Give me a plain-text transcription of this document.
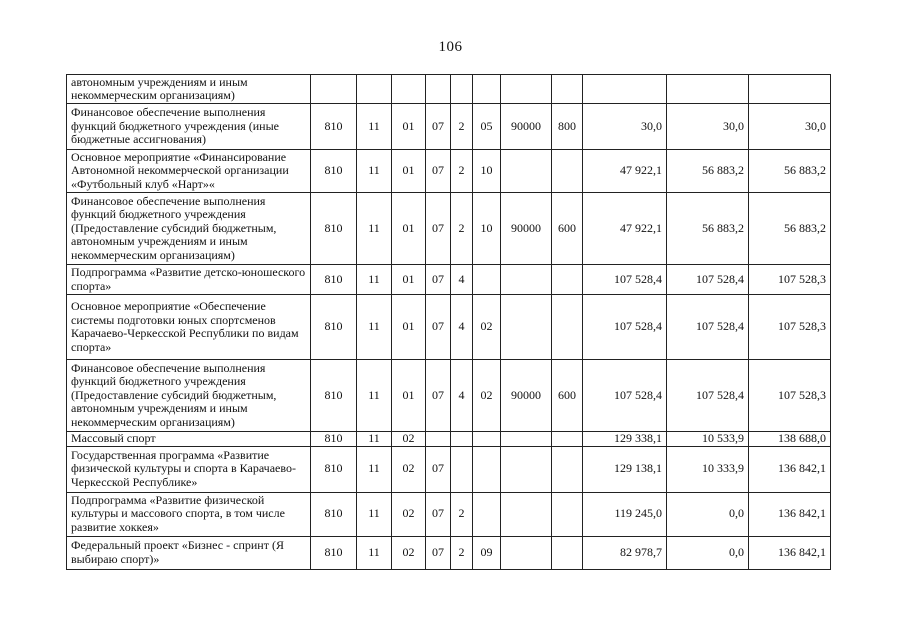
106
автономным учреждениям и иным некоммерческим организациям)											
Финансовое обеспечение выполнения функций бюджетного учреждения (иные бюджетные ассигнования)	810	11	01	07	2	05	90000	800	30,0	30,0	30,0
Основное мероприятие «Финансирование Автономной некоммерческой организации «Футбольный клуб «Нарт»«	810	11	01	07	2	10			47 922,1	56 883,2	56 883,2
Финансовое обеспечение выполнения функций бюджетного учреждения (Предоставление субсидий бюджетным, автономным учреждениям и иным некоммерческим организациям)	810	11	01	07	2	10	90000	600	47 922,1	56 883,2	56 883,2
Подпрограмма «Развитие детско-юношеского спорта»	810	11	01	07	4				107 528,4	107 528,4	107 528,3
Основное мероприятие «Обеспечение системы подготовки юных спортсменов Карачаево-Черкесской Республики по видам спорта»	810	11	01	07	4	02			107 528,4	107 528,4	107 528,3
Финансовое обеспечение выполнения функций бюджетного учреждения (Предоставление субсидий бюджетным, автономным учреждениям и иным некоммерческим организациям)	810	11	01	07	4	02	90000	600	107 528,4	107 528,4	107 528,3
Массовый спорт	810	11	02						129 338,1	10 533,9	138 688,0
Государственная программа «Развитие физической культуры и спорта в Карачаево-Черкесской Республике»	810	11	02	07					129 138,1	10 333,9	136 842,1
Подпрограмма «Развитие физической культуры и массового спорта, в том числе развитие хоккея»	810	11	02	07	2				119 245,0	0,0	136 842,1
Федеральный проект «Бизнес - спринт (Я выбираю спорт)»	810	11	02	07	2	09			82 978,7	0,0	136 842,1
